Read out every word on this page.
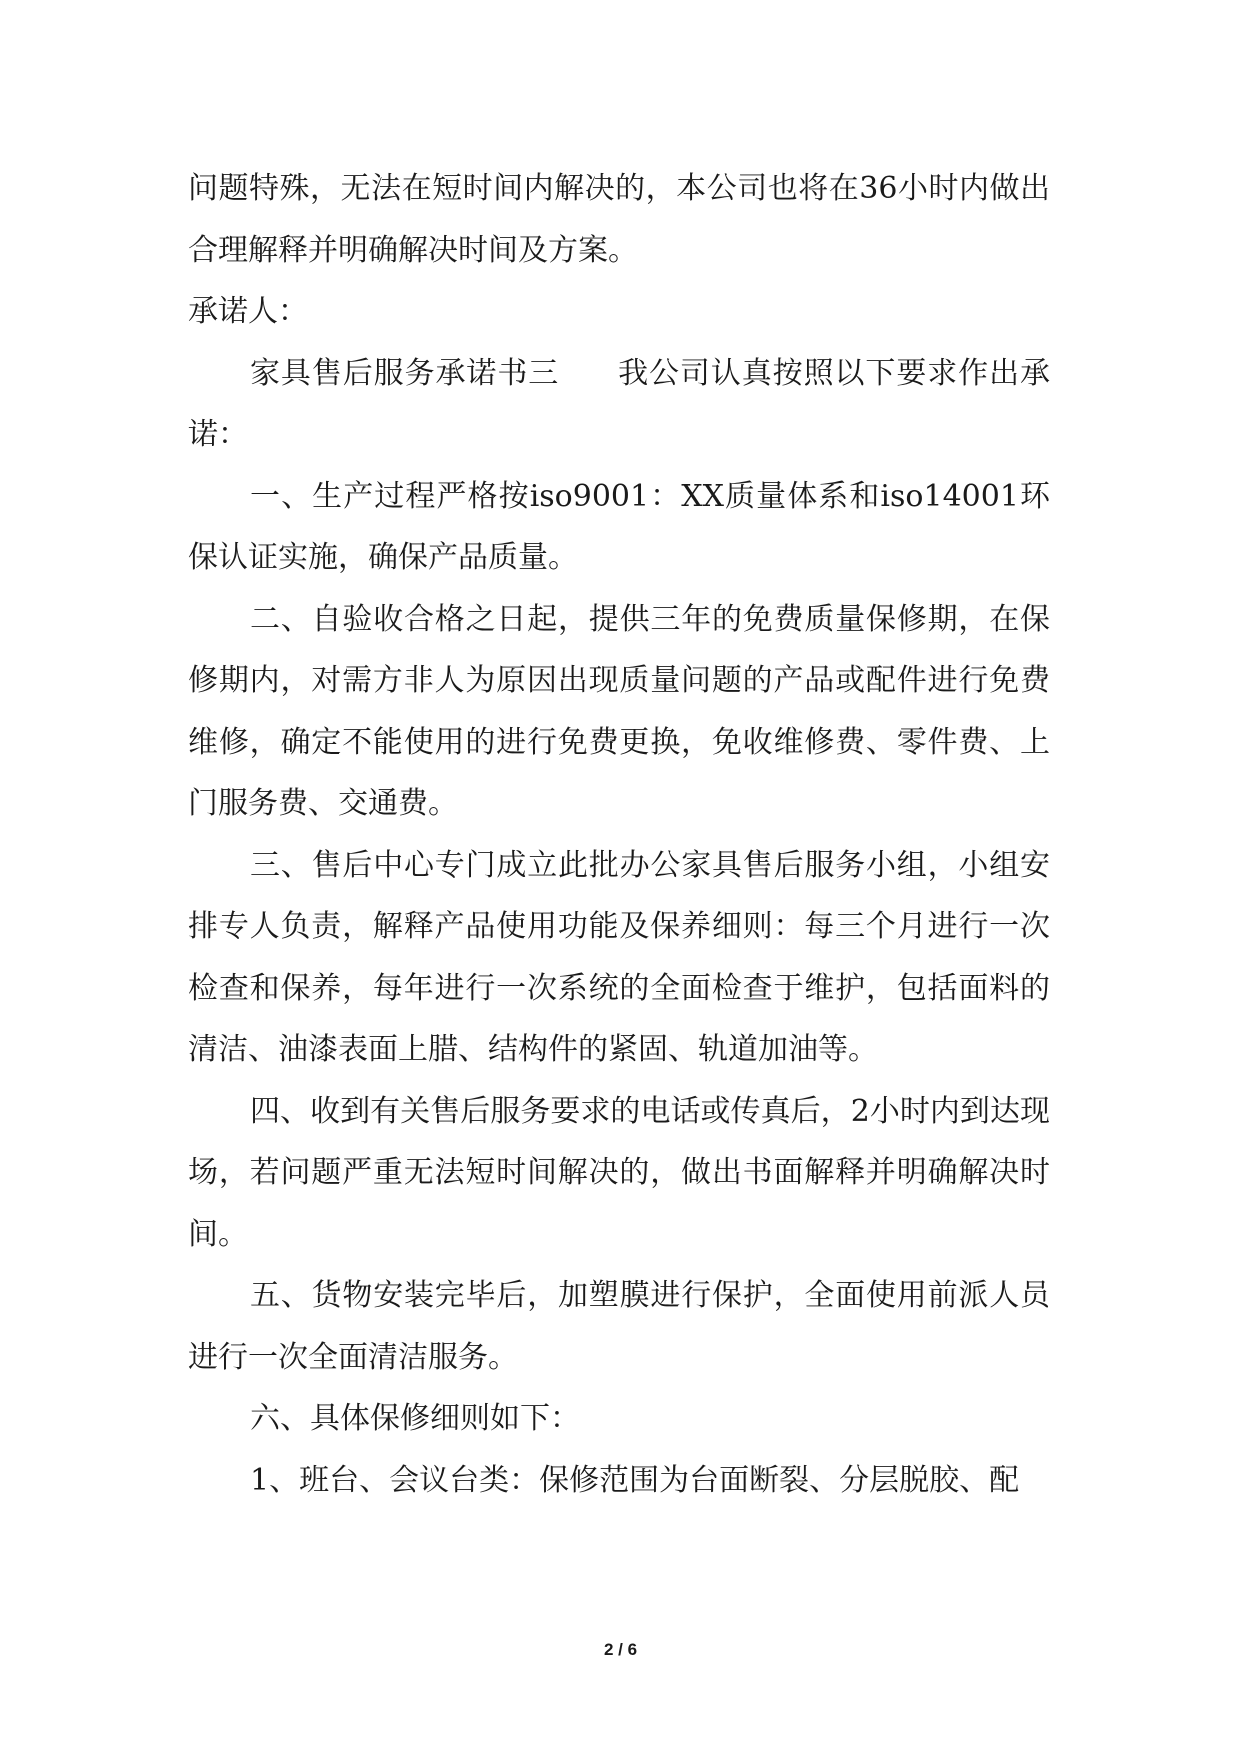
问题特殊，无法在短时间内解决的，本公司也将在36小时内做出合理解释并明确解决时间及方案。

承诺人：

家具售后服务承诺书三 我公司认真按照以下要求作出承诺：

一、生产过程严格按iso9001：XX质量体系和iso14001环保认证实施，确保产品质量。

二、自验收合格之日起，提供三年的免费质量保修期，在保修期内，对需方非人为原因出现质量问题的产品或配件进行免费维修，确定不能使用的进行免费更换，免收维修费、零件费、上门服务费、交通费。

三、售后中心专门成立此批办公家具售后服务小组，小组安排专人负责，解释产品使用功能及保养细则：每三个月进行一次检查和保养，每年进行一次系统的全面检查于维护，包括面料的清洁、油漆表面上腊、结构件的紧固、轨道加油等。

四、收到有关售后服务要求的电话或传真后，2小时内到达现场，若问题严重无法短时间解决的，做出书面解释并明确解决时间。

五、货物安装完毕后，加塑膜进行保护，全面使用前派人员进行一次全面清洁服务。

六、具体保修细则如下：

1、班台、会议台类：保修范围为台面断裂、分层脱胶、配

2 / 6
